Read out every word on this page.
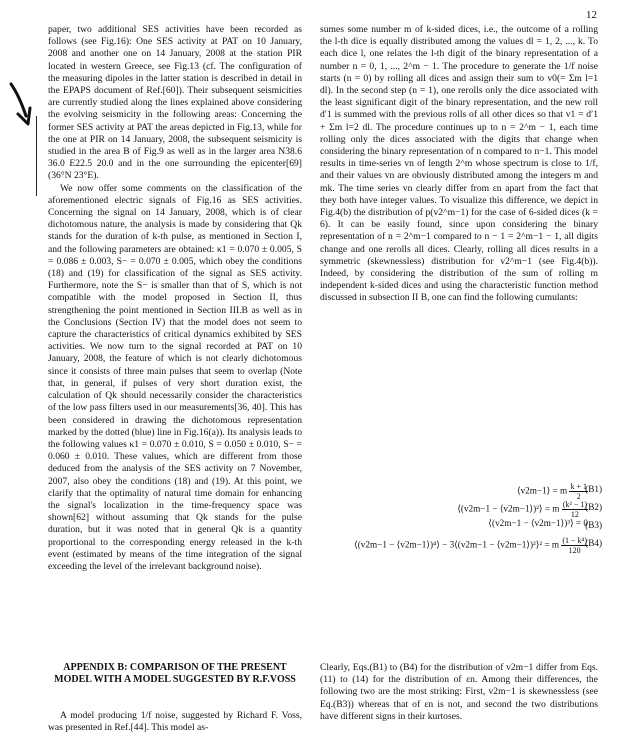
12

paper, two additional SES activities have been recorded as follows (see Fig.16): One SES activity at PAT on 10 January, 2008 and another one on 14 January, 2008 at the station PIR located in western Greece, see Fig.13 (cf. The configuration of the measuring dipoles in the latter station is described in detail in the EPAPS document of Ref.[60]). Their subsequent seismicities are currently studied along the lines explained above considering the evolving seismicity in the following areas: Concerning the former SES activity at PAT the areas depicted in Fig.13, while for the one at PIR on 14 January, 2008, the subsequent seismicity is studied in the area B of Fig.9 as well as in the larger area N38.6 36.0 E22.5 20.0 and in the one surrounding the epicenter[69] (36°N 23°E).

We now offer some comments on the classification of the aforementioned electric signals of Fig.16 as SES activities. Concerning the signal on 14 January, 2008, which is of clear dichotomous nature, the analysis is made by considering that Qk stands for the duration of k-th pulse, as mentioned in Section I, and the following parameters are obtained: κ1 = 0.070 ± 0.005, S = 0.086 ± 0.003, S− = 0.070 ± 0.005, which obey the conditions (18) and (19) for classification of the signal as SES activity. Furthermore, note the S− is smaller than that of S, which is not compatible with the model proposed in Section II, thus strengthening the point mentioned in Section III.B as well as in the Conclusions (Section IV) that the model does not seem to capture the characteristics of critical dynamics exhibited by SES activities. We now turn to the signal recorded at PAT on 10 January, 2008, the feature of which is not clearly dichotomous since it consists of three main pulses that seem to overlap (Note that, in general, if pulses of very short duration exist, the calculation of Qk should necessarily consider the characteristics of the low pass filters used in our measurements[36, 40]. This has been considered in drawing the dichotomous representation marked by the dotted (blue) line in Fig.16(a)). Its analysis leads to the following values κ1 = 0.070 ± 0.010, S = 0.050 ± 0.010, S− = 0.060 ± 0.010. These values, which are different from those deduced from the analysis of the SES activity on 7 November, 2007, also obey the conditions (18) and (19). At this point, we clarify that the optimality of natural time domain for enhancing the signal's localization in the time-frequency space was shown[62] without assuming that Qk stands for the pulse duration, but it was noted that in general Qk is a quantity proportional to the corresponding energy released in the k-th event (estimated by means of the time integration of the signal exceeding the level of the irrelevant background noise).

sumes some number m of k-sided dices, i.e., the outcome of a rolling the l-th dice is equally distributed among the values dl = 1, 2, ..., k. To each dice l, one relates the l-th digit of the binary representation of a number n = 0, 1, ..., 2^m − 1. The procedure to generate the 1/f noise starts (n = 0) by rolling all dices and assign their sum to v0(= Σm l=1 dl). In the second step (n = 1), one rerolls only the dice associated with the least significant digit of the binary representation, and the new roll d′1 is summed with the previous rolls of all other dices so that v1 = d′1 + Σm l=2 dl. The procedure continues up to n = 2^m − 1, each time rolling only the dices associated with the digits that change when considering the binary representation of n compared to n−1. This model results in time-series vn of length 2^m whose spectrum is close to 1/f, and their values vn are obviously distributed among the integers m and mk. The time series vn clearly differ from εn apart from the fact that they both have integer values. To visualize this difference, we depict in Fig.4(b) the distribution of p(v2^m−1) for the case of 6-sided dices (k = 6). It can be easily found, since upon considering the binary representation of n = 2^m−1 compared to n − 1 = 2^m−1 − 1, all digits change and one rerolls all dices. Clearly, rolling all dices results in a symmetric (skewnessless) distribution for v2^m−1 (see Fig.4(b)). Indeed, by considering the distribution of the sum of rolling m independent k-sided dices and using the characteristic function method discussed in subsection II B, one can find the following cumulants:

⟨v2m−1⟩ = m $\frac{k + 1}{2}$
(B1)
⟨(v2m−1 − ⟨v2m−1⟩)²⟩ = m $\frac{\text{(k² − 1)}}{12}$
(B2)
⟨(v2m−1 − ⟨v2m−1⟩)³⟩ = 0
(B3)
⟨(v2m−1 − ⟨v2m−1⟩)⁴⟩ − 3⟨(v2m−1 − ⟨v2m−1⟩)²⟩² = m $\frac{\text{(1 − k⁴)}}{120}$
(B4)
APPENDIX B: COMPARISON OF THE PRESENT MODEL WITH A MODEL SUGGESTED BY R.F.VOSS
A model producing 1/f noise, suggested by Richard F. Voss, was presented in Ref.[44]. This model as-
Clearly, Eqs.(B1) to (B4) for the distribution of v2m−1 differ from Eqs.(11) to (14) for the distribution of εn. Among their differences, the following two are the most striking: First, v2m−1 is skewnessless (see Eq.(B3)) whereas that of εn is not, and second the two distributions have different signs in their kurtoses.
